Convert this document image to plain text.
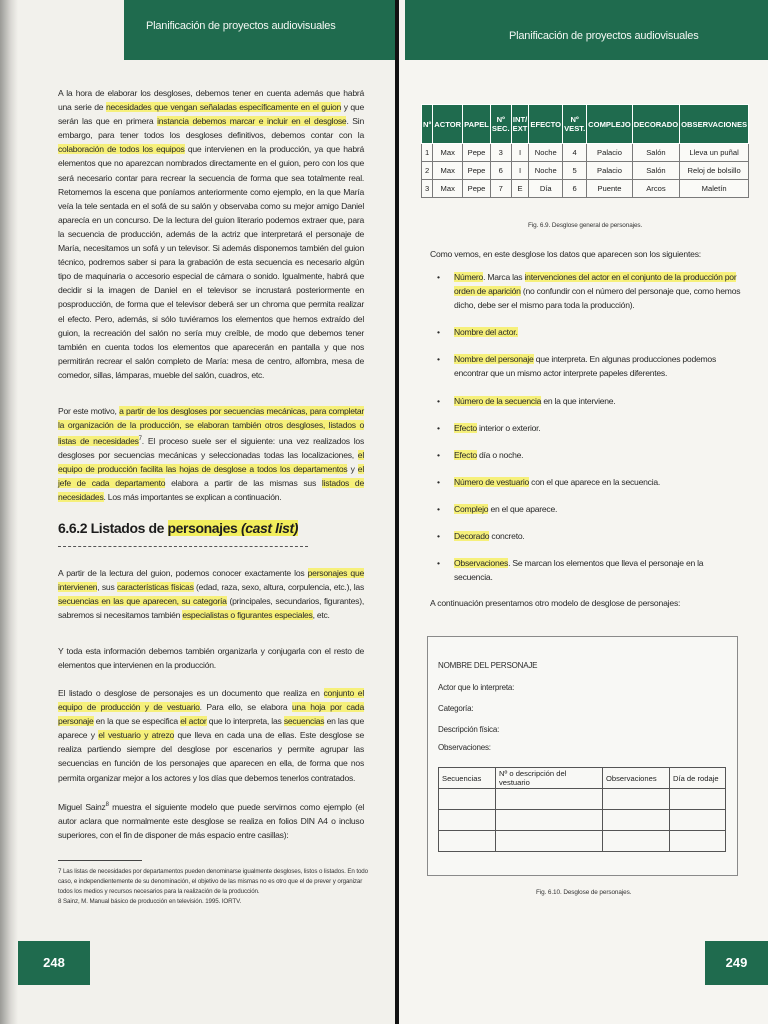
Planificación de proyectos audiovisuales
A la hora de elaborar los desgloses, debemos tener en cuenta además que habrá una serie de necesidades que vengan señaladas específicamente en el guion y que serán las que en primera instancia debemos marcar e incluir en el desglose. Sin embargo, para tener todos los desgloses definitivos, debemos contar con la colaboración de todos los equipos que intervienen en la producción, ya que habrá elementos que no aparezcan nombrados directamente en el guion, pero con los que será necesario contar para recrear la secuencia de forma que sea totalmente real. Retomemos la escena que poníamos anteriormente como ejemplo, en la que María veía la tele sentada en el sofá de su salón y observaba como su mejor amigo Daniel aparecía en un concurso. De la lectura del guion literario podemos extraer que, para la secuencia de producción, además de la actriz que interpretará el personaje de María, necesitamos un sofá y un televisor. Si además disponemos también del guion técnico, podremos saber si para la grabación de esta secuencia es necesario algún tipo de maquinaria o accesorio especial de cámara o sonido. Igualmente, habrá que decidir si la imagen de Daniel en el televisor se incrustará posteriormente en posproducción, de forma que el televisor deberá ser un chroma que permita realizar el efecto. Pero, además, si sólo tuviéramos los elementos que hemos extraído del guion, la recreación del salón no sería muy creíble, de modo que debemos tener también en cuenta todos los elementos que aparecerán en pantalla y que nos permitirán recrear el salón completo de María: mesa de centro, alfombra, mesa de comedor, sillas, lámparas, mueble del salón, cuadros, etc.
Por este motivo, a partir de los desgloses por secuencias mecánicas, para completar la organización de la producción, se elaboran también otros desgloses, listados o listas de necesidades$^7$. El proceso suele ser el siguiente: una vez realizados los desgloses por secuencias mecánicas y seleccionadas todas las localizaciones, el equipo de producción facilita las hojas de desglose a todos los departamentos y el jefe de cada departamento elabora a partir de las mismas sus listados de necesidades. Los más importantes se explican a continuación.
6.6.2 Listados de personajes (cast list)
A partir de la lectura del guion, podemos conocer exactamente los personajes que intervienen, sus características físicas (edad, raza, sexo, altura, corpulencia, etc.), las secuencias en las que aparecen, su categoría (principales, secundarios, figurantes), sabremos si necesitamos también especialistas o figurantes especiales, etc.
Y toda esta información debemos también organizarla y conjugarla con el resto de elementos que intervienen en la producción.
El listado o desglose de personajes es un documento que realiza en conjunto el equipo de producción y de vestuario. Para ello, se elabora una hoja por cada personaje en la que se especifica el actor que lo interpreta, las secuencias en las que aparece y el vestuario y atrezo que lleva en cada una de ellas. Este desglose se realiza partiendo siempre del desglose por escenarios y permite agrupar las secuencias en función de los personajes que aparecen en ella, de forma que nos permita organizar mejor a los actores y los días que debemos tenerlos contratados.
Miguel Sainz$^8$ muestra el siguiente modelo que puede servirnos como ejemplo (el autor aclara que normalmente este desglose se realiza en folios DIN A4 o incluso superiores, con el fin de disponer de más espacio entre casillas):
7 Las listas de necesidades por departamentos pueden denominarse igualmente desgloses, listos o listados. En todo caso, e independientemente de su denominación, el objetivo de las mismas no es otro que el de prever y organizar todos los medios y recursos necesarios para la realización de la producción.
8 Sainz, M. Manual básico de producción en televisión. 1995. IORTV.
248
Planificación de proyectos audiovisuales
Nº	ACTOR	PAPEL	Nº SEC.	INT/ EXT	EFECTO	Nº VEST.	COMPLEJO	DECORADO	OBSERVACIONES
1	Max	Pepe	3	I	Noche	4	Palacio	Salón	Lleva un puñal
2	Max	Pepe	6	I	Noche	5	Palacio	Salón	Reloj de bolsillo
3	Max	Pepe	7	E	Día	6	Puente	Arcos	Maletín
Fig. 6.9. Desglose general de personajes.
Como vemos, en este desglose los datos que aparecen son los siguientes:
• Número. Marca las intervenciones del actor en el conjunto de la producción por orden de aparición (no confundir con el número del personaje que, como hemos dicho, debe ser el mismo para toda la producción).
• Nombre del actor.
• Nombre del personaje que interpreta. En algunas producciones podemos encontrar que un mismo actor interprete papeles diferentes.
• Número de la secuencia en la que interviene.
• Efecto interior o exterior.
• Efecto día o noche.
• Número de vestuario con el que aparece en la secuencia.
• Complejo en el que aparece.
• Decorado concreto.
• Observaciones. Se marcan los elementos que lleva el personaje en la secuencia.
A continuación presentamos otro modelo de desglose de personajes:
NOMBRE DEL PERSONAJE
Actor que lo interpreta:
Categoría:
Descripción física:
Observaciones:
Secuencias	Nº o descripción del vestuario	Observaciones	Día de rodaje

Fig. 6.10. Desglose de personajes.
249
